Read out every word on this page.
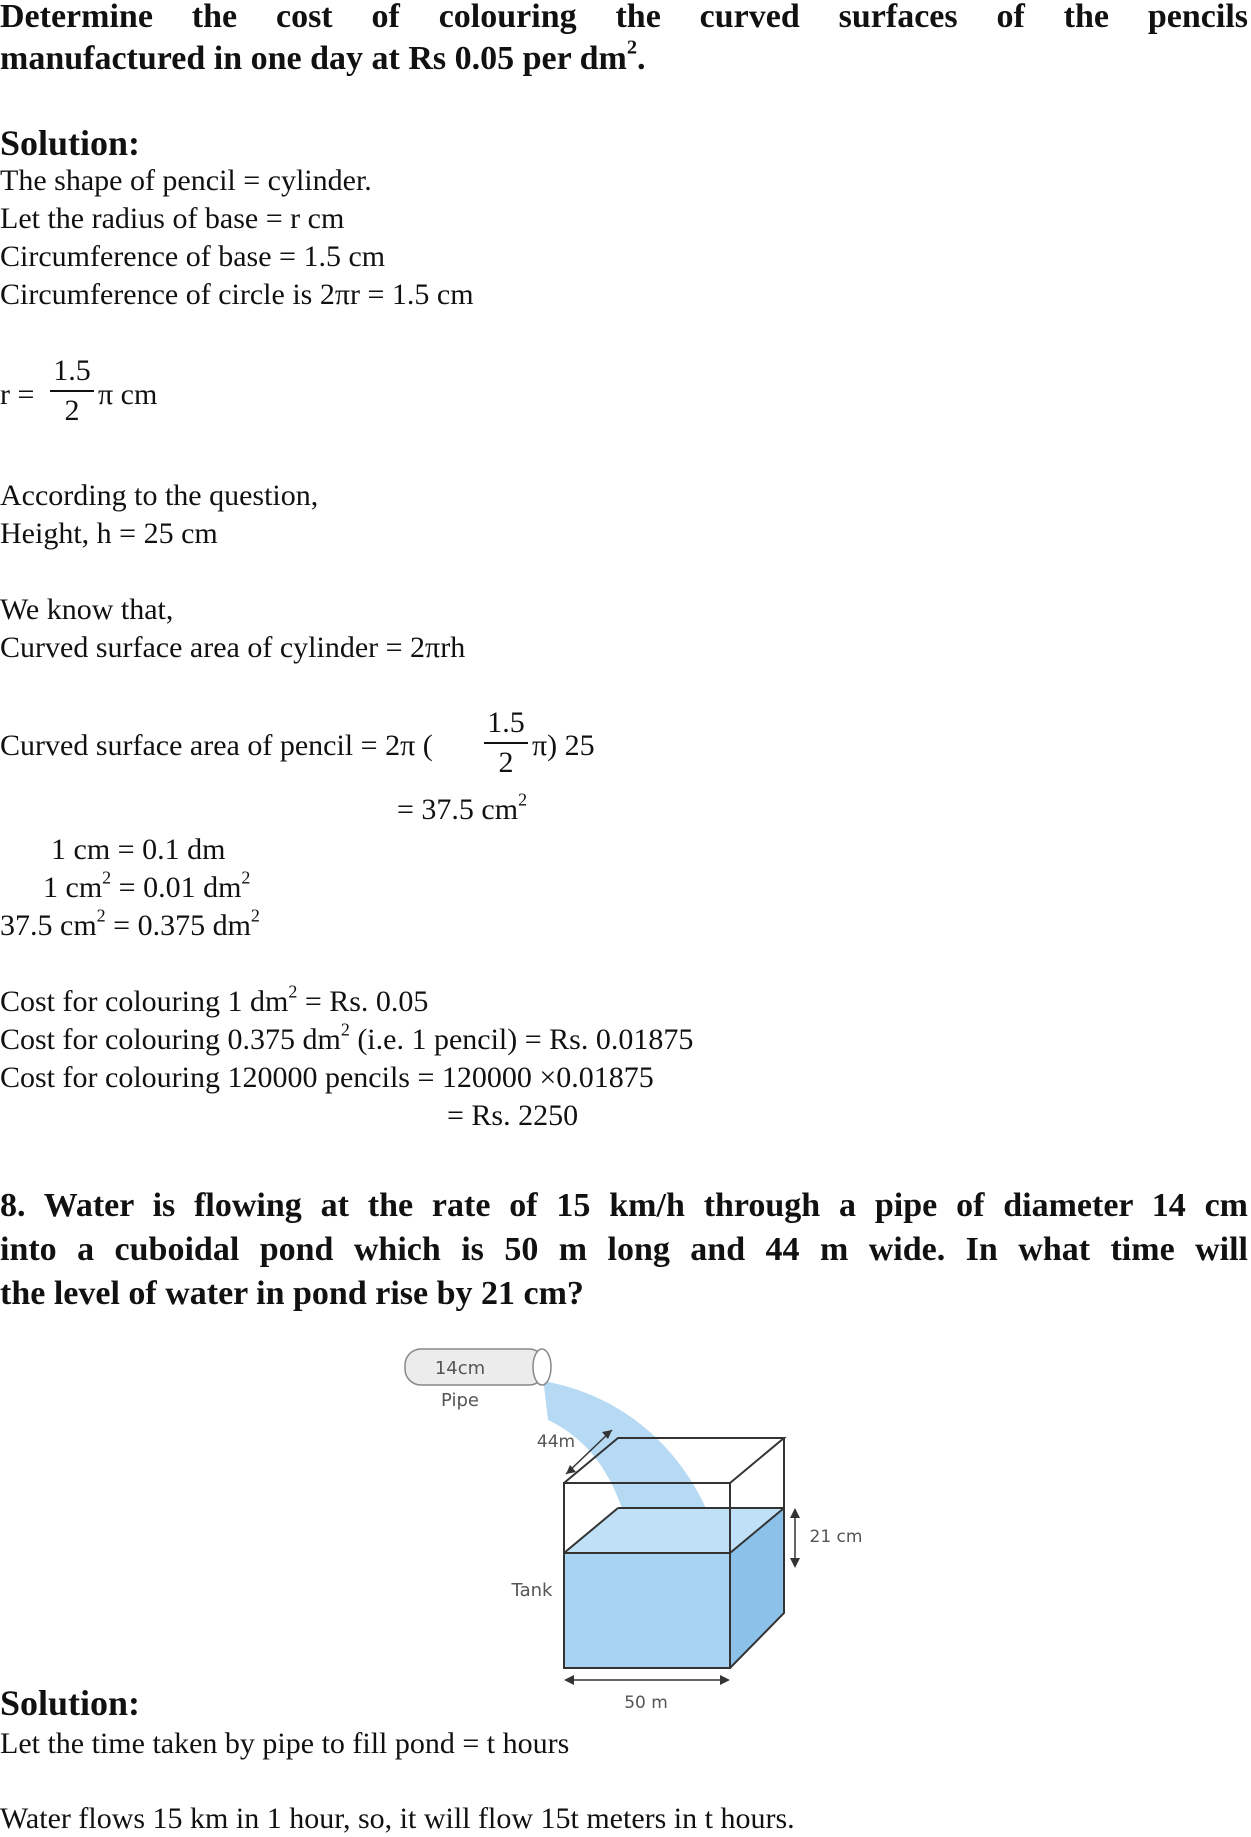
Determine the cost of colouring the curved surfaces of the pencils
manufactured in one day at Rs 0.05 per $dm^2$.
Solution:
The shape of pencil = cylinder.
Let the radius of base = r cm
Circumference of base = 1.5 cm
Circumference of circle is 2πr = 1.5 cm
r =
1.5
2 π cm
According to the question,
Height, h = 25 cm
We know that,
Curved surface area of cylinder = 2πrh
Curved surface area of pencil = 2π (
1.5
2
π) 25
= 37.5 $cm^2$
1 cm = 0.1 dm
1 $cm^2 = 0.01$ $dm^2$
37.5 $cm^2 = 0.375$ $dm^2$
Cost for colouring 1 $dm^2 = Rs$. 0.05
Cost for colouring 0.375 $dm^2$ (i.e. 1 pencil) = Rs. 0.01875
Cost for colouring 120000 pencils = 120000 ×0.01875
= Rs. 2250
8. Water is flowing at the rate of 15 km/h through a pipe of diameter 14 cm
into a cuboidal pond which is 50 m long and 44 m wide. In what time will
the level of water in pond rise by 21 cm?
14cm
Pipe
44m
21 cm
Tank
50 m
Solution:
Let the time taken by pipe to fill pond = t hours
Water flows 15 km in 1 hour, so, it will flow 15t meters in t hours.
